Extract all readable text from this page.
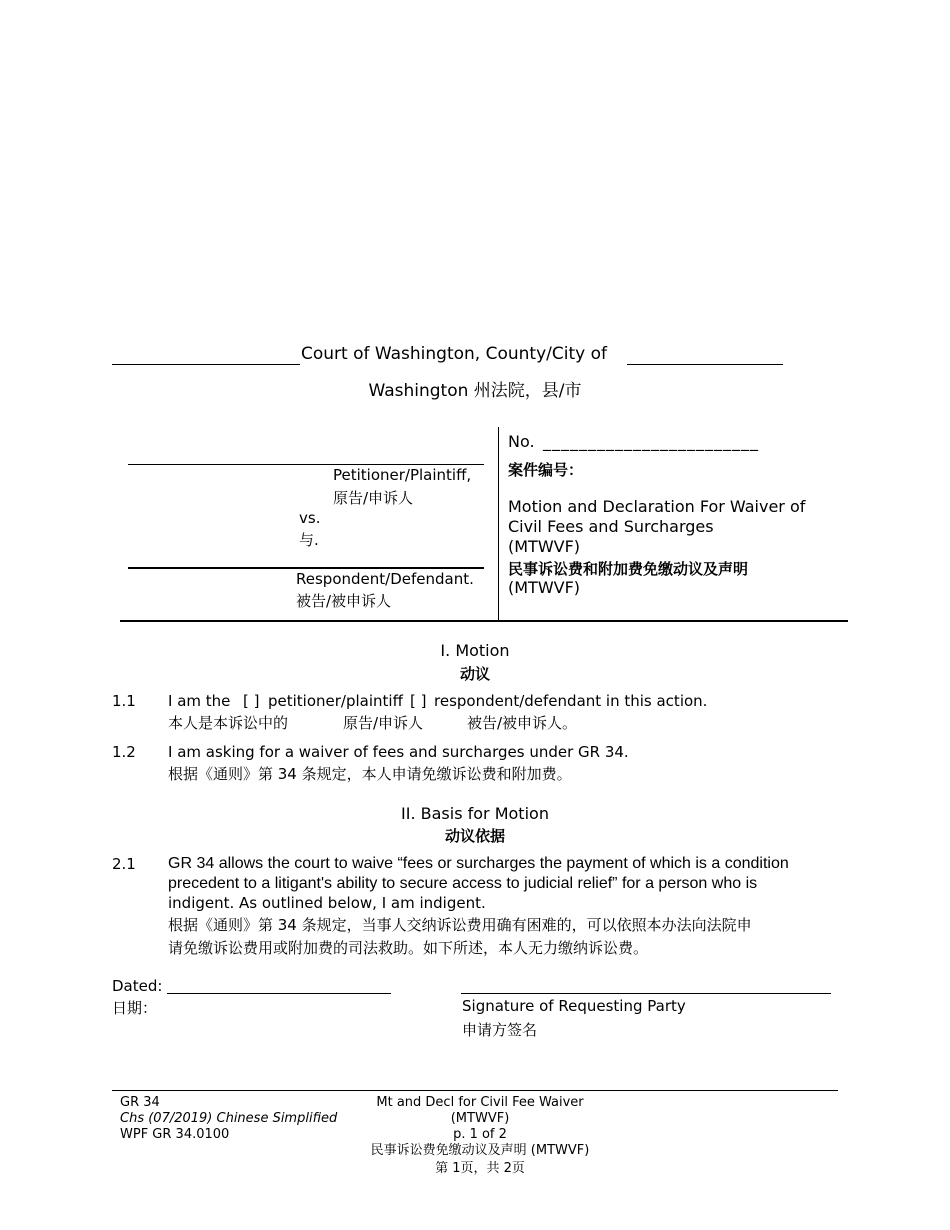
Court of Washington, County/City of
Washington 州法院，县/市
Petitioner/Plaintiff,
原告/申诉人
vs.
与.
Respondent/Defendant.
被告/被申诉人
No. ________________________
案件编号：
Motion and Declaration For Waiver of
Civil Fees and Surcharges
(MTWVF)
民事诉讼费和附加费免缴动议及声明
(MTWVF)
I. Motion
动议
1.1 I am the [ ] petitioner/plaintiff [ ] respondent/defendant in this action.
本人是本诉讼中的	原告/申诉人	被告/被申诉人。
1.2 I am asking for a waiver of fees and surcharges under GR 34.
根据《通则》第 34 条规定，本人申请免缴诉讼费和附加费。
II. Basis for Motion
动议依据
2.1 GR 34 allows the court to waive “fees or surcharges the payment of which is a condition
precedent to a litigant's ability to secure access to judicial relief” for a person who is
indigent. As outlined below, I am indigent.
根据《通则》第 34 条规定，当事人交纳诉讼费用确有困难的，可以依照本办法向法院申
请免缴诉讼费用或附加费的司法救助。如下所述，本人无力缴纳诉讼费。
Dated:
日期：	Signature of Requesting Party
申请方签名
GR 34
Chs (07/2019) Chinese Simplified
WPF GR 34.0100
Mt and Decl for Civil Fee Waiver
(MTWVF)
p. 1 of 2
民事诉讼费免缴动议及声明 (MTWVF)
第 1页，共 2页
